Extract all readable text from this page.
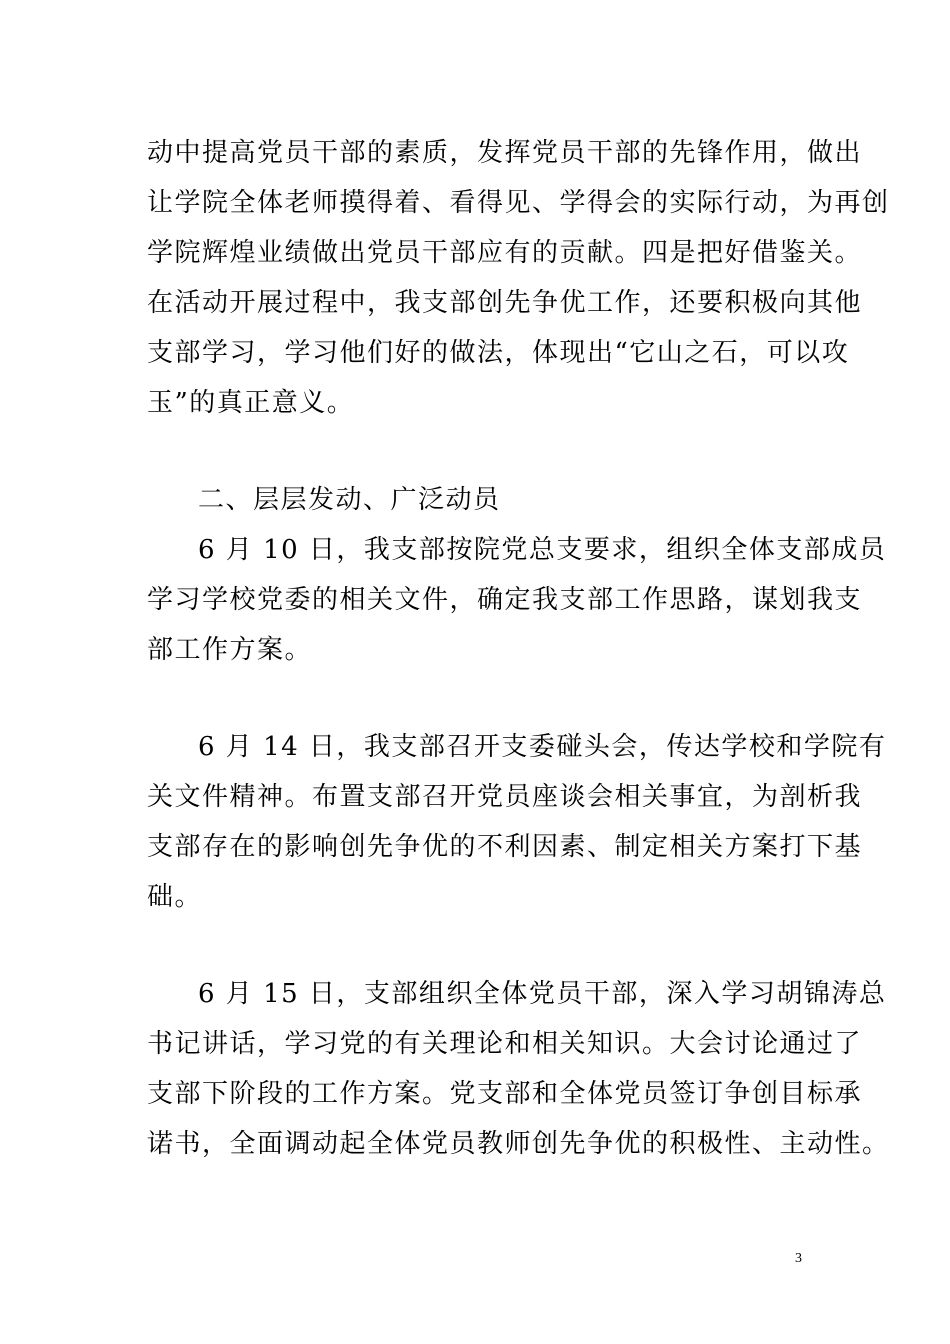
动中提高党员干部的素质，发挥党员干部的先锋作用，做出
让学院全体老师摸得着、看得见、学得会的实际行动，为再创
学院辉煌业绩做出党员干部应有的贡献。四是把好借鉴关。
在活动开展过程中，我支部创先争优工作，还要积极向其他
支部学习，学习他们好的做法，体现出“它山之石，可以攻
玉”的真正意义。
二、层层发动、广泛动员
6 月 10 日，我支部按院党总支要求，组织全体支部成员
学习学校党委的相关文件，确定我支部工作思路，谋划我支
部工作方案。
6 月 14 日，我支部召开支委碰头会，传达学校和学院有
关文件精神。布置支部召开党员座谈会相关事宜，为剖析我
支部存在的影响创先争优的不利因素、制定相关方案打下基
础。
6 月 15 日，支部组织全体党员干部，深入学习胡锦涛总
书记讲话，学习党的有关理论和相关知识。大会讨论通过了
支部下阶段的工作方案。党支部和全体党员签订争创目标承
诺书，全面调动起全体党员教师创先争优的积极性、主动性。
3
